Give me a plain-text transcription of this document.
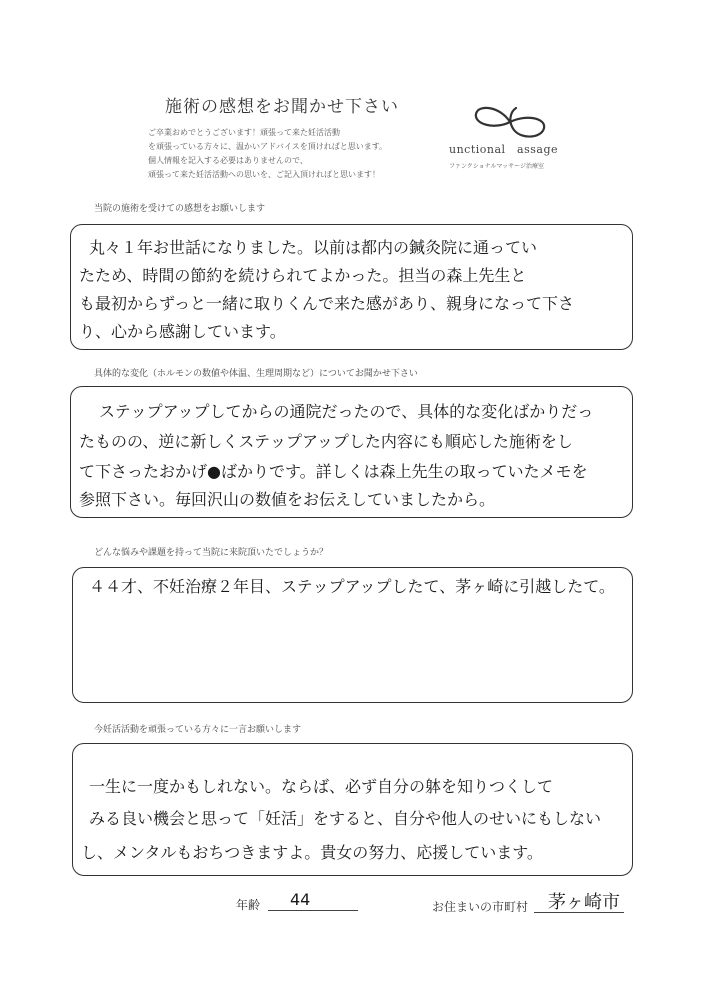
施術の感想をお聞かせ下さい
ご卒業おめでとうございます！頑張って来た妊活活動
を頑張っている方々に、温かいアドバイスを頂ければと思います。
個人情報を記入する必要はありませんので、
頑張って来た妊活活動への思いを、ご記入頂ければと思います！
unctional　assage
ファンクショナルマッサージ治療室
当院の施術を受けての感想をお願いします
丸々１年お世話になりました。以前は都内の鍼灸院に通ってい
たため、時間の節約を続けられてよかった。担当の森上先生と
も最初からずっと一緒に取りくんで来た感があり、親身になって下さ
り、心から感謝しています。
具体的な変化（ホルモンの数値や体温、生理周期など）についてお聞かせ下さい
ステップアップしてからの通院だったので、具体的な変化ばかりだっ
たものの、逆に新しくステップアップした内容にも順応した施術をし
て下さったおかげ●ばかりです。詳しくは森上先生の取っていたメモを
参照下さい。毎回沢山の数値をお伝えしていましたから。
どんな悩みや課題を持って当院に来院頂いたでしょうか？
４４才、不妊治療２年目、ステップアップしたて、茅ヶ崎に引越したて。
今妊活活動を頑張っている方々に一言お願いします
一生に一度かもしれない。ならば、必ず自分の躰を知りつくして
みる良い機会と思って「妊活」をすると、自分や他人のせいにもしない
し、メンタルもおちつきますよ。貴女の努力、応援しています。
年齢 44	お住まいの市町村 茅ヶ崎市
